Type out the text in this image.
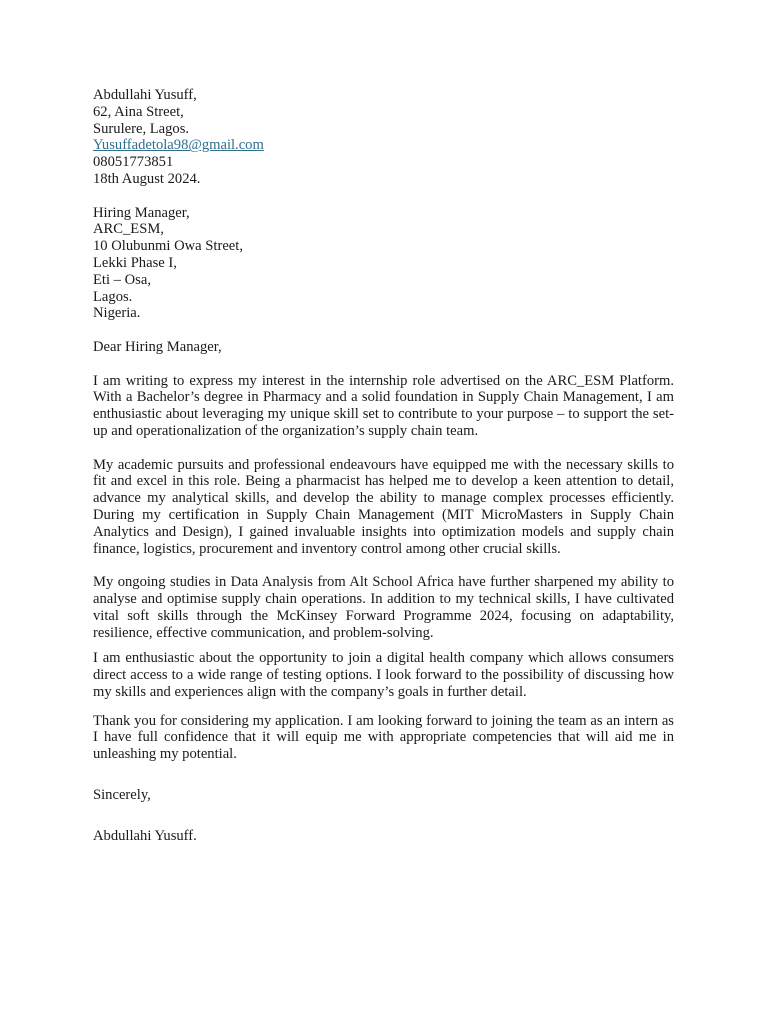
Abdullahi Yusuff,
62, Aina Street,
Surulere, Lagos.
Yusuffadetola98@gmail.com
08051773851
18th August 2024.
Hiring Manager,
ARC_ESM,
10 Olubunmi Owa Street,
Lekki Phase I,
Eti – Osa,
Lagos.
Nigeria.
Dear Hiring Manager,

I am writing to express my interest in the internship role advertised on the ARC_ESM Platform. With a Bachelor’s degree in Pharmacy and a solid foundation in Supply Chain Management, I am enthusiastic about leveraging my unique skill set to contribute to your purpose – to support the set-up and operationalization of the organization’s supply chain team.

My academic pursuits and professional endeavours have equipped me with the necessary skills to fit and excel in this role. Being a pharmacist has helped me to develop a keen attention to detail, advance my analytical skills, and develop the ability to manage complex processes efficiently. During my certification in Supply Chain Management (MIT MicroMasters in Supply Chain Analytics and Design), I gained invaluable insights into optimization models and supply chain finance, logistics, procurement and inventory control among other crucial skills.

My ongoing studies in Data Analysis from Alt School Africa have further sharpened my ability to analyse and optimise supply chain operations. In addition to my technical skills, I have cultivated vital soft skills through the McKinsey Forward Programme 2024, focusing on adaptability, resilience, effective communication, and problem-solving.

I am enthusiastic about the opportunity to join a digital health company which allows consumers direct access to a wide range of testing options. I look forward to the possibility of discussing how my skills and experiences align with the company’s goals in further detail.

Thank you for considering my application. I am looking forward to joining the team as an intern as I have full confidence that it will equip me with appropriate competencies that will aid me in unleashing my potential.

Sincerely,
Abdullahi Yusuff.
